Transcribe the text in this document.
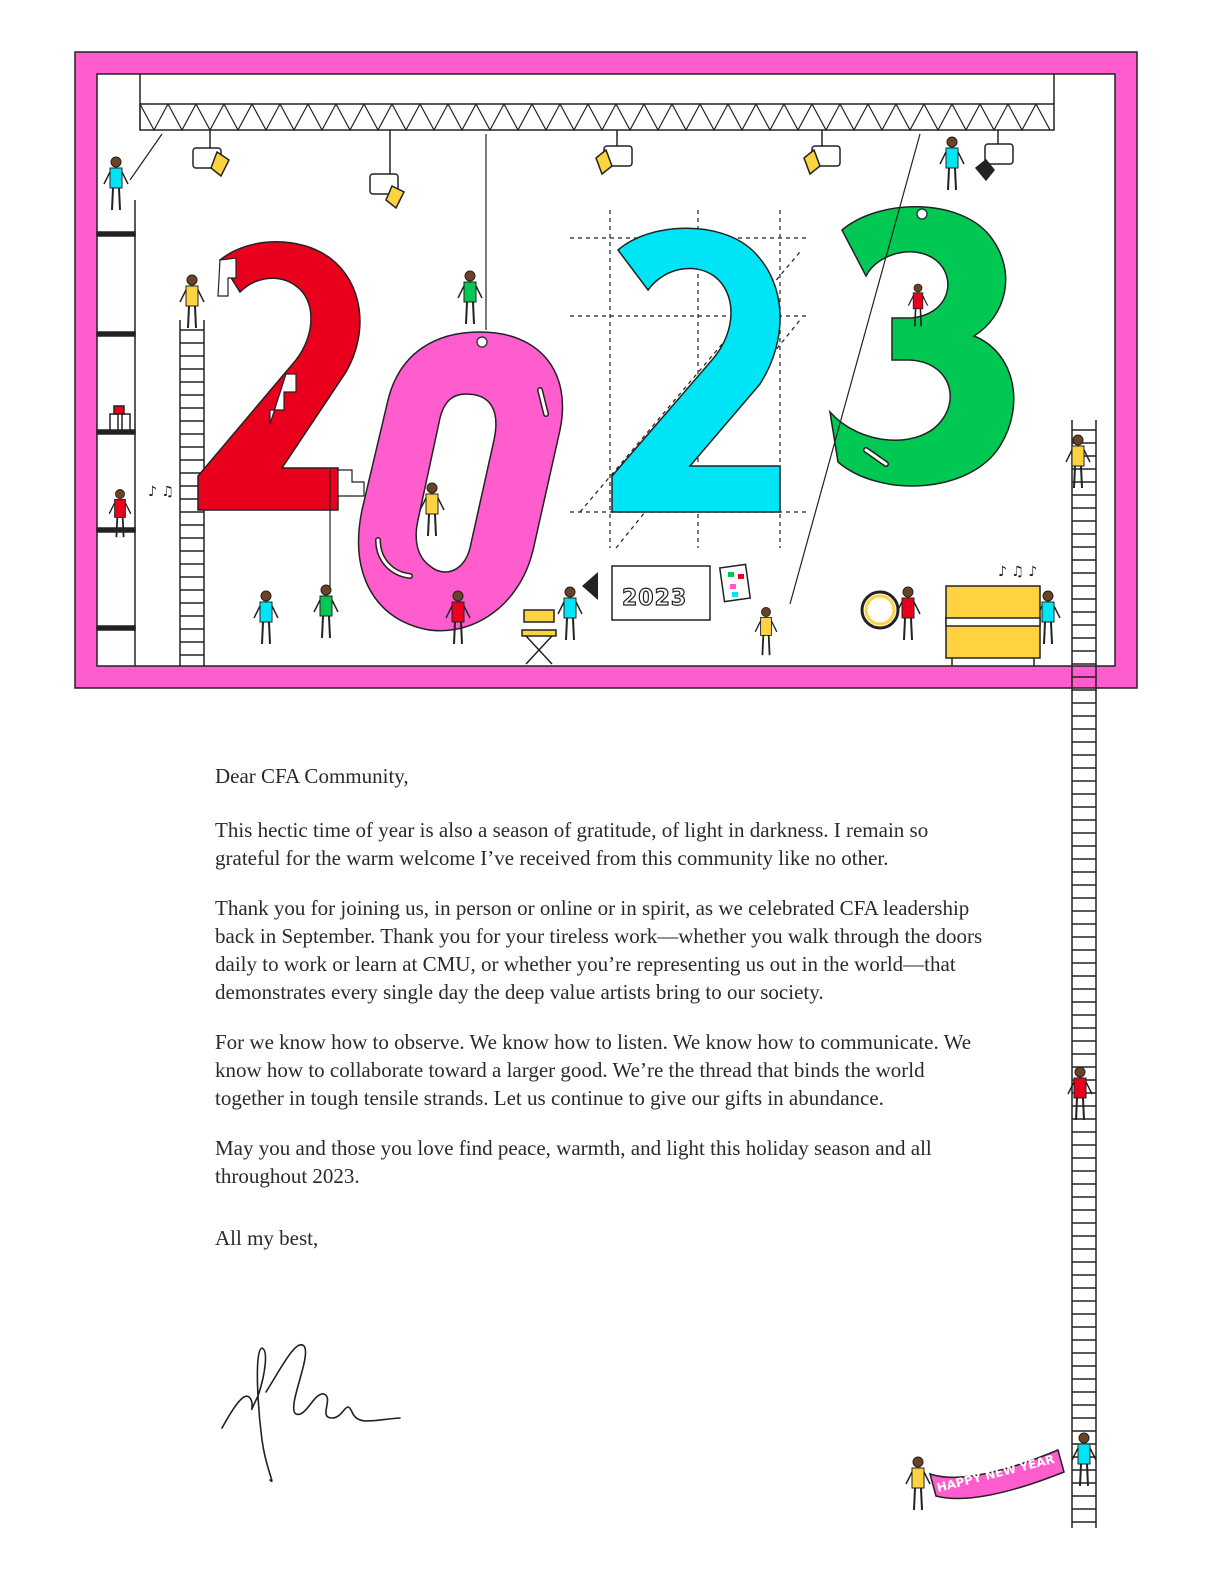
2023
♪ ♫
♪ ♫ ♪
HAPPY NEW YEAR

Dear CFA Community,

This hectic time of year is also a season of gratitude, of light in darkness. I remain so grateful for the warm welcome I’ve received from this community like no other.

Thank you for joining us, in person or online or in spirit, as we celebrated CFA leadership back in September. Thank you for your tireless work—whether you walk through the doors daily to work or learn at CMU, or whether you’re representing us out in the world—that demonstrates every single day the deep value artists bring to our society.

For we know how to observe. We know how to listen. We know how to communicate. We know how to collaborate toward a larger good. We’re the thread that binds the world together in tough tensile strands. Let us continue to give our gifts in abundance.

May you and those you love find peace, warmth, and light this holiday season and all throughout 2023.

All my best,
